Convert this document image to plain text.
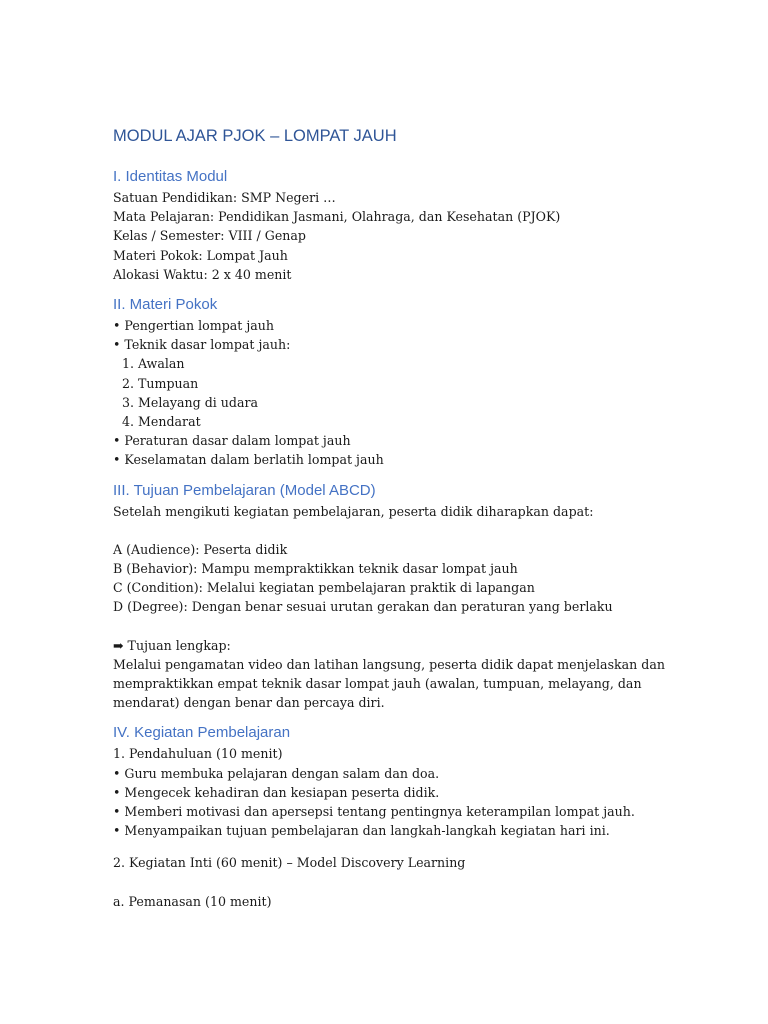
MODUL AJAR PJOK – LOMPAT JAUH
I. Identitas Modul
Satuan Pendidikan: SMP Negeri …
Mata Pelajaran: Pendidikan Jasmani, Olahraga, dan Kesehatan (PJOK)
Kelas / Semester: VIII / Genap
Materi Pokok: Lompat Jauh
Alokasi Waktu: 2 x 40 menit
II. Materi Pokok
• Pengertian lompat jauh
• Teknik dasar lompat jauh:
1. Awalan
2. Tumpuan
3. Melayang di udara
4. Mendarat
• Peraturan dasar dalam lompat jauh
• Keselamatan dalam berlatih lompat jauh
III. Tujuan Pembelajaran (Model ABCD)
Setelah mengikuti kegiatan pembelajaran, peserta didik diharapkan dapat:
A (Audience): Peserta didik
B (Behavior): Mampu mempraktikkan teknik dasar lompat jauh
C (Condition): Melalui kegiatan pembelajaran praktik di lapangan
D (Degree): Dengan benar sesuai urutan gerakan dan peraturan yang berlaku
➡ Tujuan lengkap:
Melalui pengamatan video dan latihan langsung, peserta didik dapat menjelaskan dan
mempraktikkan empat teknik dasar lompat jauh (awalan, tumpuan, melayang, dan
mendarat) dengan benar dan percaya diri.
IV. Kegiatan Pembelajaran
1. Pendahuluan (10 menit)
• Guru membuka pelajaran dengan salam dan doa.
• Mengecek kehadiran dan kesiapan peserta didik.
• Memberi motivasi dan apersepsi tentang pentingnya keterampilan lompat jauh.
• Menyampaikan tujuan pembelajaran dan langkah-langkah kegiatan hari ini.
2. Kegiatan Inti (60 menit) – Model Discovery Learning
a. Pemanasan (10 menit)
